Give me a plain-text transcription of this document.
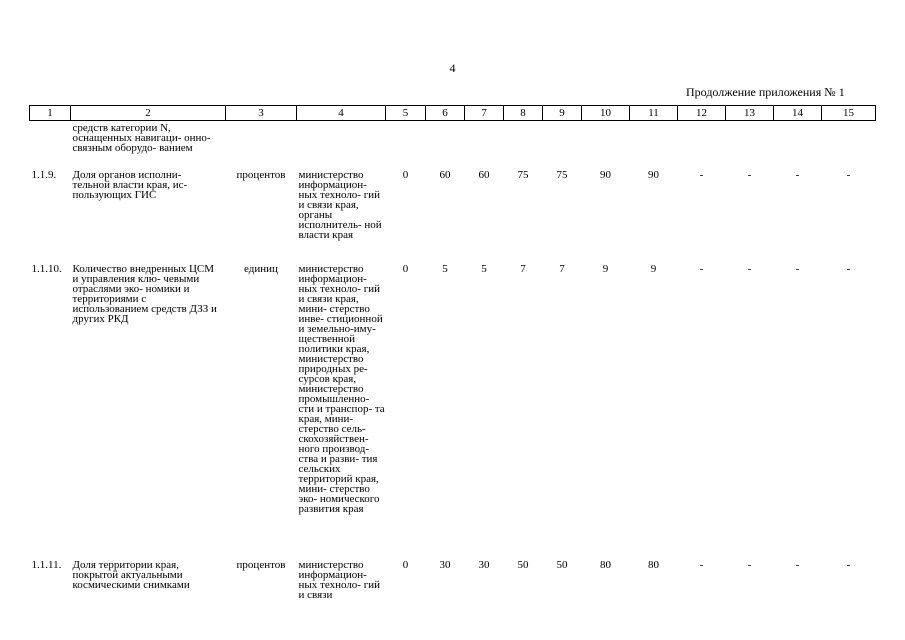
4
Продолжение приложения № 1
1	2	3	4	5	6	7	8	9	10	11	12	13	14	15
	средств категории N, оснащенных навигаци- онно-связным оборудо- ванием													
1.1.9.	Доля органов исполни- тельной власти края, ис- пользующих ГИС	процентов	министерство информацион- ных техноло- гий и связи края, органы исполнитель- ной власти края	0	60	60	75	75	90	90	-	-	-	-
1.1.10.	Количество внедренных ЦСМ и управления клю- чевыми отраслями эко- номики и территориями с использованием средств ДЗЗ и других РКД	единиц	министерство информацион- ных техноло- гий и связи края, мини- стерство инве- стиционной и земельно-иму- щественной политики края, министерство природных ре- сурсов края, министерство промышленно- сти и транспор- та края, мини- стерство сель- скохозяйствен- ного производ- ства и разви- тия сельских территорий края, мини- стерство эко- номического развития края	0	5	5	7	7	9	9	-	-	-	-
1.1.11.	Доля территории края, покрытой актуальными космическими снимками	процентов	министерство информацион- ных техноло- гий и связи	0	30	30	50	50	80	80	-	-	-	-
